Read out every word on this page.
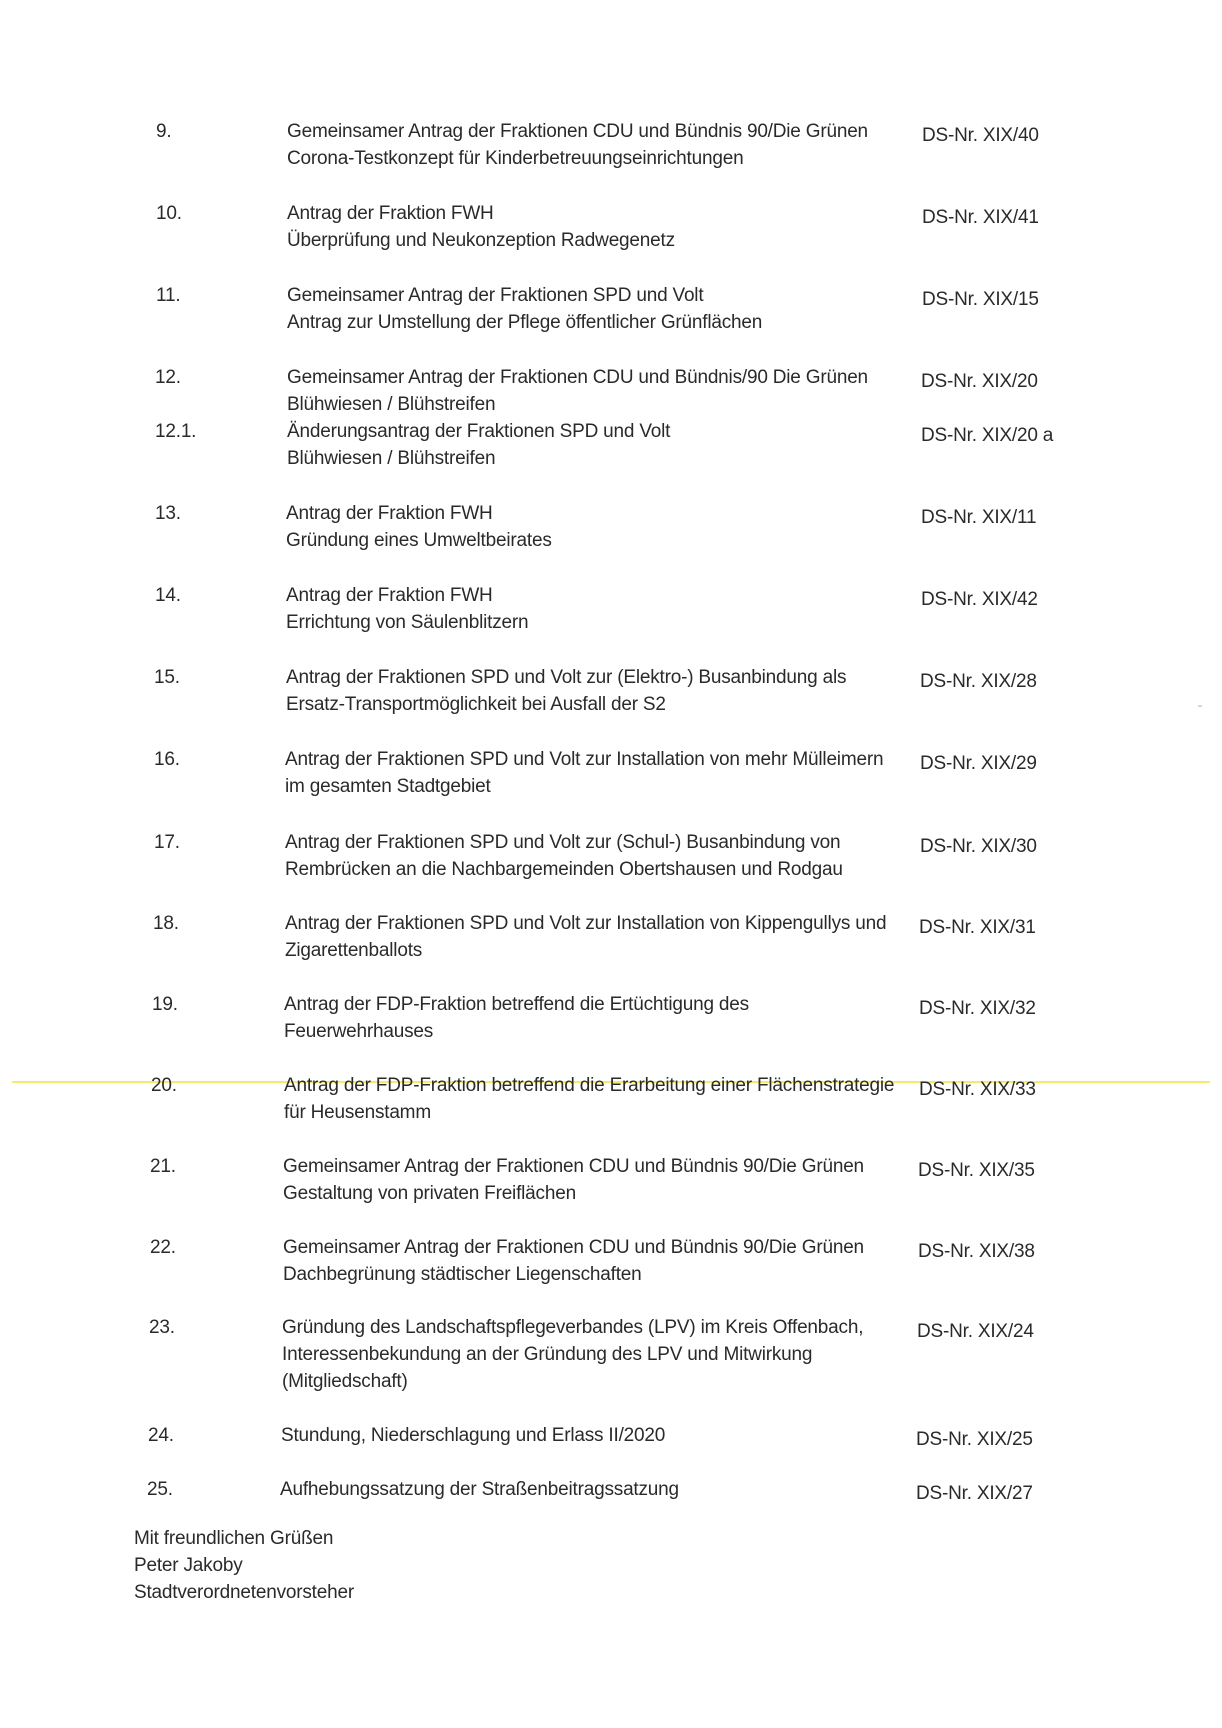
9.	Gemeinsamer Antrag der Fraktionen CDU und Bündnis 90/Die Grünen
Corona-Testkonzept für Kinderbetreuungseinrichtungen
DS-Nr. XIX/40
10.	Antrag der Fraktion FWH
Überprüfung und Neukonzeption Radwegenetz
DS-Nr. XIX/41
11.	Gemeinsamer Antrag der Fraktionen SPD und Volt
Antrag zur Umstellung der Pflege öffentlicher Grünflächen
DS-Nr. XIX/15
12.	Gemeinsamer Antrag der Fraktionen CDU und Bündnis/90 Die Grünen
Blühwiesen / Blühstreifen
DS-Nr. XIX/20
12.1.	Änderungsantrag der Fraktionen SPD und Volt
Blühwiesen / Blühstreifen
DS-Nr. XIX/20 a
13.	Antrag der Fraktion FWH
Gründung eines Umweltbeirates
DS-Nr. XIX/11
14.	Antrag der Fraktion FWH
Errichtung von Säulenblitzern
DS-Nr. XIX/42
15.	Antrag der Fraktionen SPD und Volt zur (Elektro-) Busanbindung als
Ersatz-Transportmöglichkeit bei Ausfall der S2
DS-Nr. XIX/28
16.	Antrag der Fraktionen SPD und Volt zur Installation von mehr Mülleimern
im gesamten Stadtgebiet
DS-Nr. XIX/29
17.	Antrag der Fraktionen SPD und Volt zur (Schul-) Busanbindung von
Rembrücken an die Nachbargemeinden Obertshausen und Rodgau
DS-Nr. XIX/30
18.	Antrag der Fraktionen SPD und Volt zur Installation von Kippengullys und
Zigarettenballots
DS-Nr. XIX/31
19.	Antrag der FDP-Fraktion betreffend die Ertüchtigung des
Feuerwehrhauses
DS-Nr. XIX/32
20.	Antrag der FDP-Fraktion betreffend die Erarbeitung einer Flächenstrategie
für Heusenstamm
DS-Nr. XIX/33
21.	Gemeinsamer Antrag der Fraktionen CDU und Bündnis 90/Die Grünen
Gestaltung von privaten Freiflächen
DS-Nr. XIX/35
22.	Gemeinsamer Antrag der Fraktionen CDU und Bündnis 90/Die Grünen
Dachbegrünung städtischer Liegenschaften
DS-Nr. XIX/38
23.	Gründung des Landschaftspflegeverbandes (LPV) im Kreis Offenbach,
Interessenbekundung an der Gründung des LPV und Mitwirkung
(Mitgliedschaft)
DS-Nr. XIX/24
24.	Stundung, Niederschlagung und Erlass II/2020	DS-Nr. XIX/25
25.	Aufhebungssatzung der Straßenbeitragssatzung	DS-Nr. XIX/27
Mit freundlichen Grüßen
Peter Jakoby
Stadtverordnetenvorsteher
